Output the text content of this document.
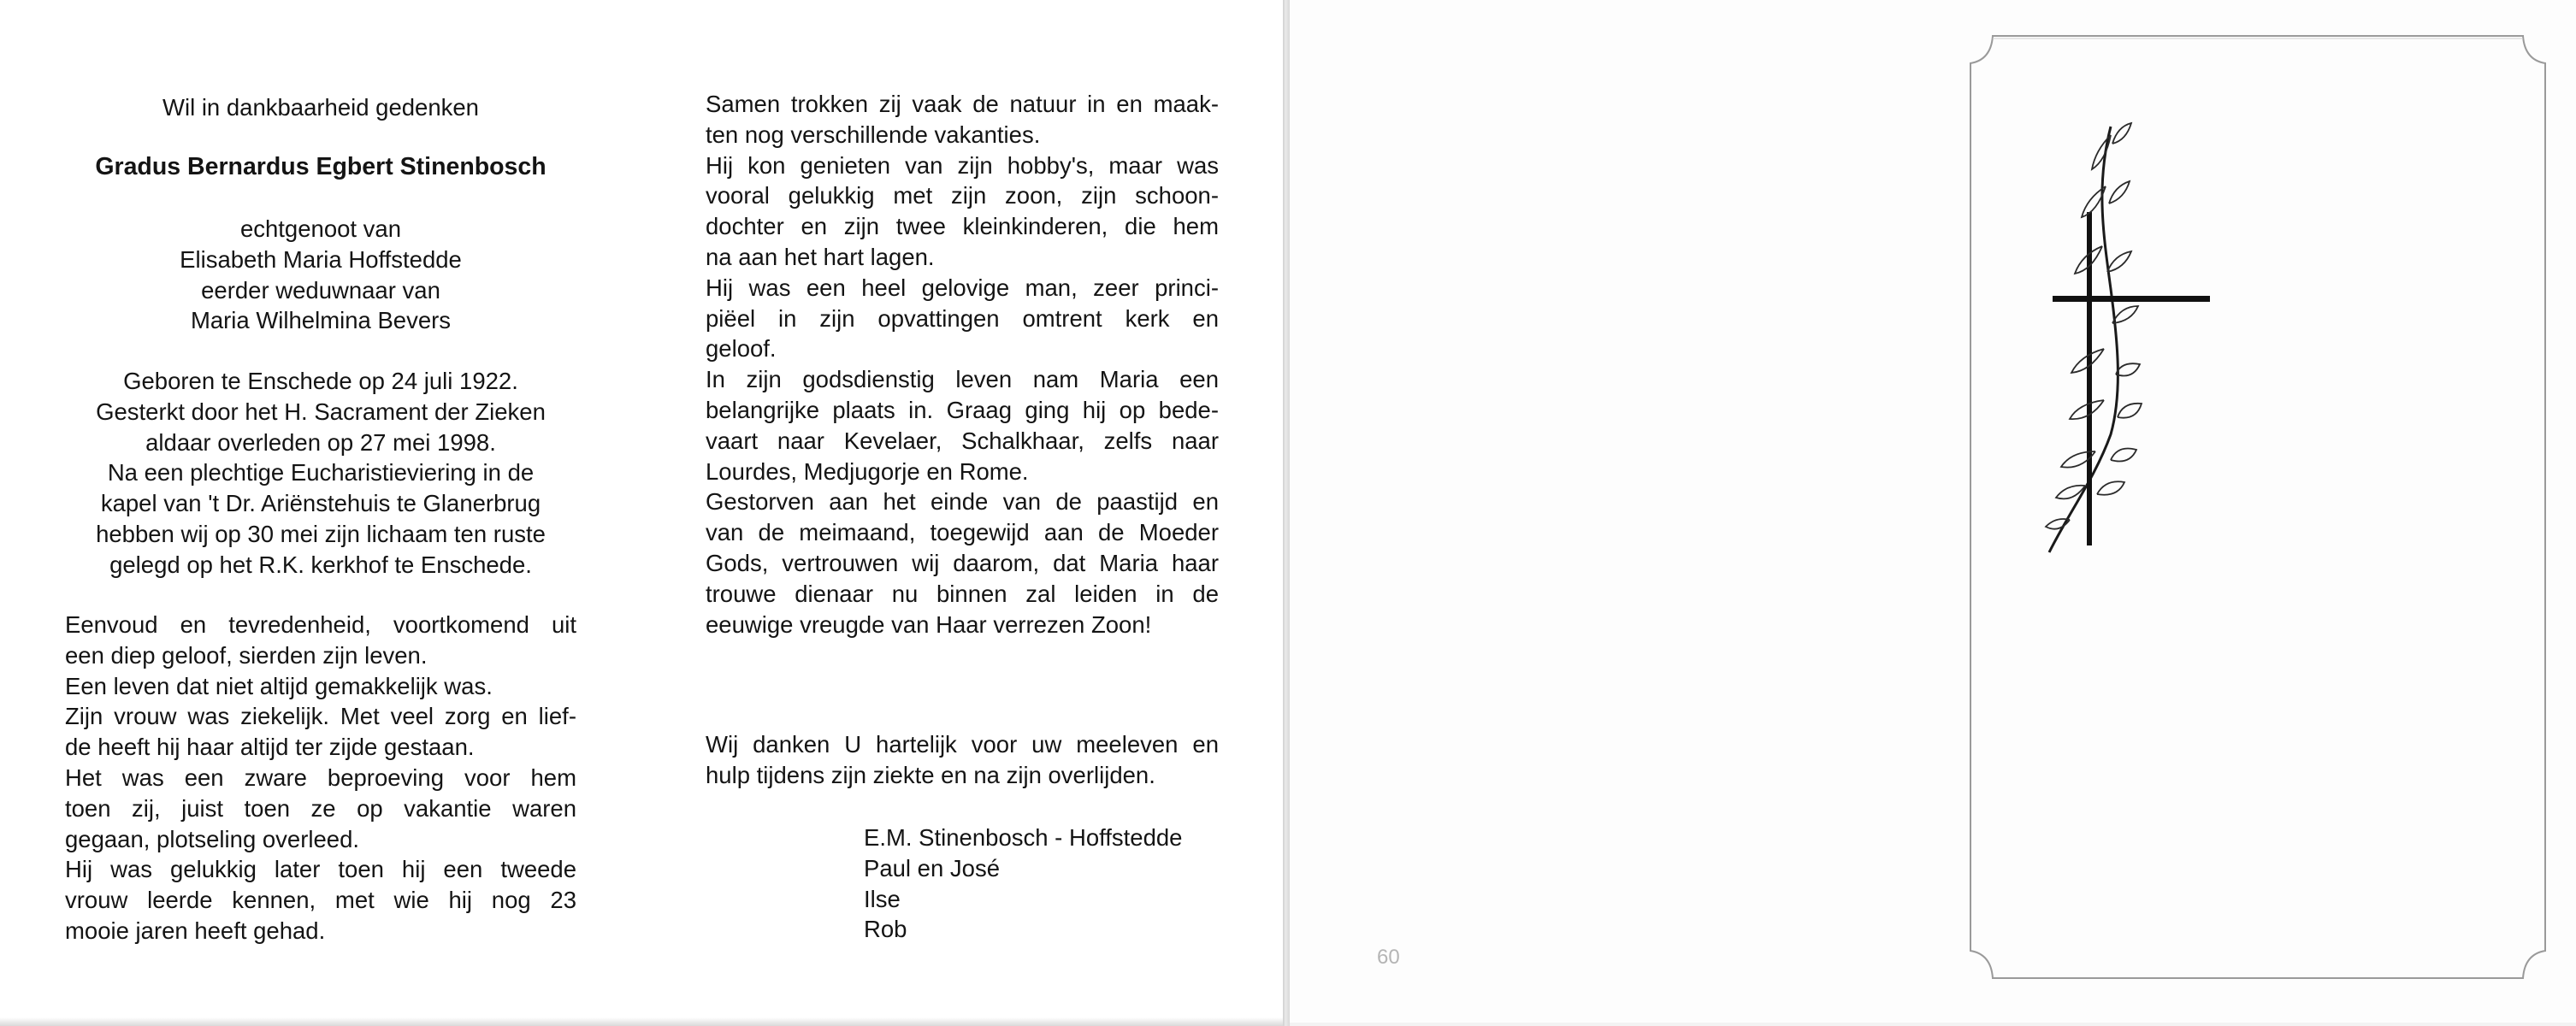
Wil in dankbaarheid gedenken
Gradus Bernardus Egbert Stinenbosch
echtgenoot van
Elisabeth Maria Hoffstedde
eerder weduwnaar van
Maria Wilhelmina Bevers
Geboren te Enschede op 24 juli 1922.
Gesterkt door het H. Sacrament der Zieken
aldaar overleden op 27 mei 1998.
Na een plechtige Eucharistieviering in de
kapel van 't Dr. Ariënstehuis te Glanerbrug
hebben wij op 30 mei zijn lichaam ten ruste
gelegd op het R.K. kerkhof te Enschede.
Eenvoud en tevredenheid, voortkomend uit
een diep geloof, sierden zijn leven.
Een leven dat niet altijd gemakkelijk was.
Zijn vrouw was ziekelijk. Met veel zorg en lief-
de heeft hij haar altijd ter zijde gestaan.
Het was een zware beproeving voor hem
toen zij, juist toen ze op vakantie waren
gegaan, plotseling overleed.
Hij was gelukkig later toen hij een tweede
vrouw leerde kennen, met wie hij nog 23
mooie jaren heeft gehad.
Samen trokken zij vaak de natuur in en maak-
ten nog verschillende vakanties.
Hij kon genieten van zijn hobby's, maar was
vooral gelukkig met zijn zoon, zijn schoon-
dochter en zijn twee kleinkinderen, die hem
na aan het hart lagen.
Hij was een heel gelovige man, zeer princi-
piëel in zijn opvattingen omtrent kerk en
geloof.
In zijn godsdienstig leven nam Maria een
belangrijke plaats in. Graag ging hij op bede-
vaart naar Kevelaer, Schalkhaar, zelfs naar
Lourdes, Medjugorje en Rome.
Gestorven aan het einde van de paastijd en
van de meimaand, toegewijd aan de Moeder
Gods, vertrouwen wij daarom, dat Maria haar
trouwe dienaar nu binnen zal leiden in de
eeuwige vreugde van Haar verrezen Zoon!
Wij danken U hartelijk voor uw meeleven en
hulp tijdens zijn ziekte en na zijn overlijden.
E.M. Stinenbosch - Hoffstedde
Paul en José
Ilse
Rob
60
